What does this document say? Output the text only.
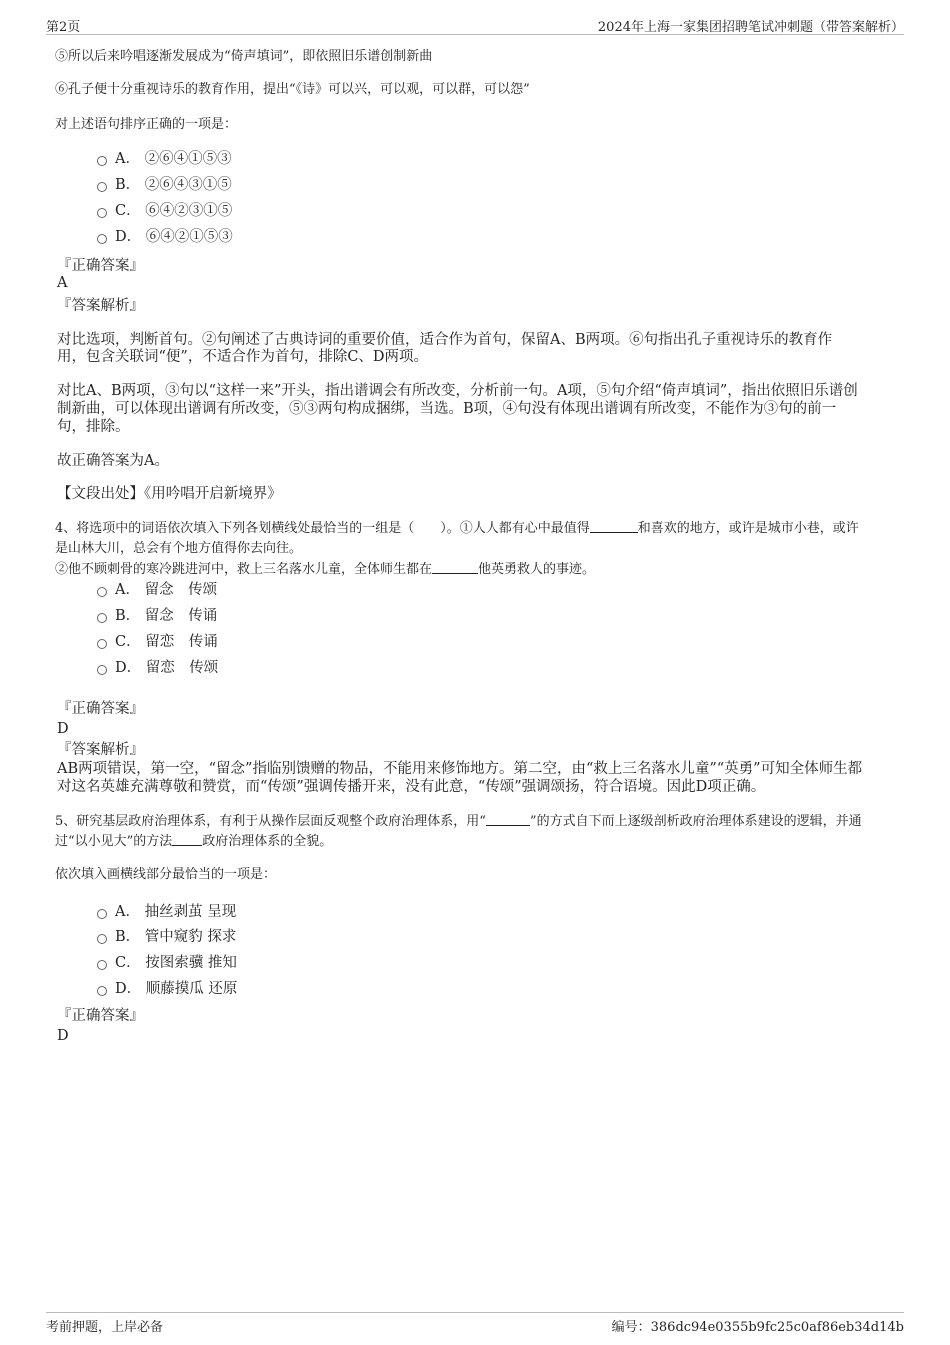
第2页	2024年上海一家集团招聘笔试冲刺题（带答案解析）
⑤所以后来吟唱逐渐发展成为“倚声填词”，即依照旧乐谱创制新曲
⑥孔子便十分重视诗乐的教育作用，提出“《诗》可以兴，可以观，可以群，可以怨”
对上述语句排序正确的一项是：
A． ②⑥④①⑤③
B． ②⑥④③①⑤
C． ⑥④②③①⑤
D． ⑥④②①⑤③
『正确答案』
A
『答案解析』
对比选项，判断首句。②句阐述了古典诗词的重要价值，适合作为首句，保留A、B两项。⑥句指出孔子重视诗乐的教育作
用，包含关联词“便”，不适合作为首句，排除C、D两项。
对比A、B两项，③句以“这样一来”开头，指出谱调会有所改变，分析前一句。A项，⑤句介绍“倚声填词”，指出依照旧乐谱创
制新曲，可以体现出谱调有所改变，⑤③两句构成捆绑，当选。B项，④句没有体现出谱调有所改变，不能作为③句的前一
句，排除。
故正确答案为A。
【文段出处】《用吟唱开启新境界》
4、将选项中的词语依次填入下列各划横线处最恰当的一组是（　　）。①人人都有心中最值得	和喜欢的地方，或许是城市小巷，或许
是山林大川，总会有个地方值得你去向往。
②他不顾刺骨的寒冷跳进河中，救上三名落水儿童，全体师生都在	他英勇救人的事迹。
A． 留念　传颂
B． 留念　传诵
C． 留恋　传诵
D． 留恋　传颂
『正确答案』
D
『答案解析』
AB两项错误，第一空，“留念”指临别馈赠的物品，不能用来修饰地方。第二空，由“救上三名落水儿童”“英勇”可知全体师生都
对这名英雄充满尊敬和赞赏，而“传颂”强调传播开来，没有此意，“传颂”强调颂扬，符合语境。因此D项正确。
5、研究基层政府治理体系，有利于从操作层面反观整个政府治理体系，用“	”的方式自下而上逐级剖析政府治理体系建设的逻辑，并通
过“以小见大”的方法 政府治理体系的全貌。
依次填入画横线部分最恰当的一项是：
A． 抽丝剥茧 呈现
B． 管中窥豹 探求
C． 按图索骥 推知
D． 顺藤摸瓜 还原
『正确答案』
D
考前押题，上岸必备	编号：386dc94e0355b9fc25c0af86eb34d14b
